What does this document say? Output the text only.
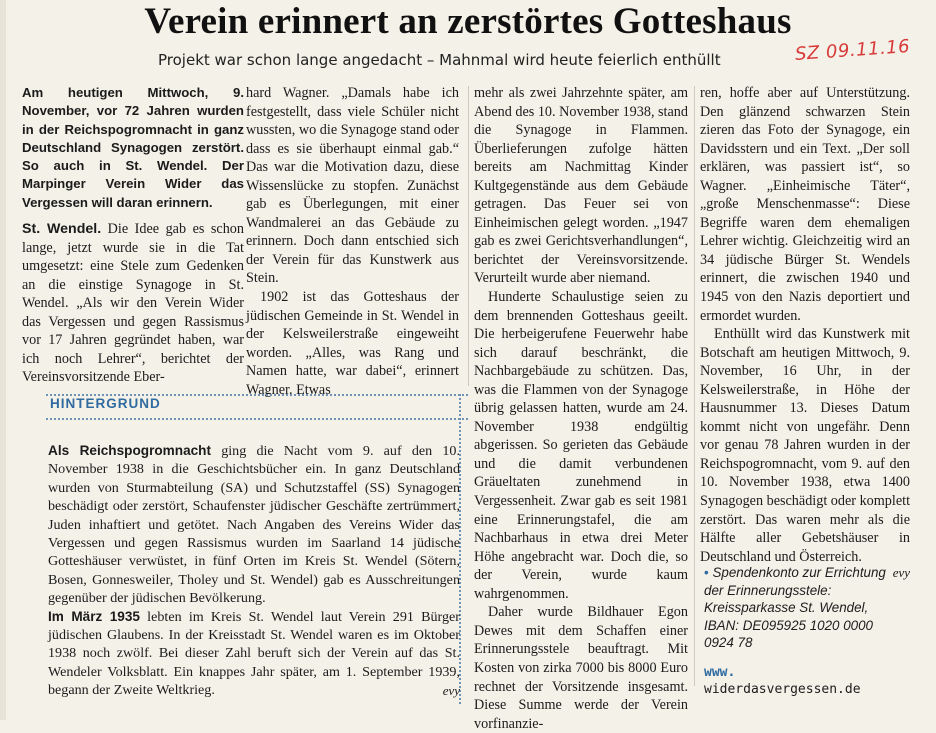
Verein erinnert an zerstörtes Gotteshaus
Projekt war schon lange angedacht – Mahnmal wird heute feierlich enthüllt	SZ 09.11.16

Am heutigen Mittwoch, 9. November, vor 72 Jahren wurden in der Reichspogromnacht in ganz Deutschland Synagogen zerstört. So auch in St. Wendel. Der Marpinger Verein Wider das Vergessen will daran erinnern.

St. Wendel. Die Idee gab es schon lange, jetzt wurde sie in die Tat umgesetzt: eine Stele zum Gedenken an die einstige Synagoge in St. Wendel. „Als wir den Verein Wider das Vergessen und gegen Rassismus vor 17 Jahren gegründet haben, war ich noch Lehrer“, berichtet der Vereinsvorsitzende Eber-

hard Wagner. „Damals habe ich festgestellt, dass viele Schüler nicht wussten, wo die Synagoge stand oder dass es sie überhaupt einmal gab.“ Das war die Motivation dazu, diese Wissenslücke zu stopfen. Zunächst gab es Überlegungen, mit einer Wandmalerei an das Gebäude zu erinnern. Doch dann entschied sich der Verein für das Kunstwerk aus Stein.

1902 ist das Gotteshaus der jüdischen Gemeinde in St. Wendel in der Kelsweilerstraße eingeweiht worden. „Alles, was Rang und Namen hatte, war dabei“, erinnert Wagner. Etwas

mehr als zwei Jahrzehnte später, am Abend des 10. November 1938, stand die Synagoge in Flammen. Überlieferungen zufolge hätten bereits am Nachmittag Kinder Kultgegenstände aus dem Gebäude getragen. Das Feuer sei von Einheimischen gelegt worden. „1947 gab es zwei Gerichtsverhandlungen“, berichtet der Vereinsvorsitzende. Verurteilt wurde aber niemand.

Hunderte Schaulustige seien zu dem brennenden Gotteshaus geeilt. Die herbeigerufene Feuerwehr habe sich darauf beschränkt, die Nachbargebäude zu schützen. Das, was die Flammen von der Synagoge übrig gelassen hatten, wurde am 24. November 1938 endgültig abgerissen. So gerieten das Gebäude und die damit verbundenen Gräueltaten zunehmend in Vergessenheit. Zwar gab es seit 1981 eine Erinnerungstafel, die am Nachbarhaus in etwa drei Meter Höhe angebracht war. Doch die, so der Verein, wurde kaum wahrgenommen.

Daher wurde Bildhauer Egon Dewes mit dem Schaffen einer Erinnerungsstele beauftragt. Mit Kosten von zirka 7000 bis 8000 Euro rechnet der Vorsitzende insgesamt. Diese Summe werde der Verein vorfinanzie-

ren, hoffe aber auf Unterstützung. Den glänzend schwarzen Stein zieren das Foto der Synagoge, ein Davidsstern und ein Text. „Der soll erklären, was passiert ist“, so Wagner. „Einheimische Täter“, „große Menschenmasse“: Diese Begriffe waren dem ehemaligen Lehrer wichtig. Gleichzeitig wird an 34 jüdische Bürger St. Wendels erinnert, die zwischen 1940 und 1945 von den Nazis deportiert und ermordet wurden.

Enthüllt wird das Kunstwerk mit Botschaft am heutigen Mittwoch, 9. November, 16 Uhr, in der Kelsweilerstraße, in Höhe der Hausnummer 13. Dieses Datum kommt nicht von ungefähr. Denn vor genau 78 Jahren wurden in der Reichspogromnacht, vom 9. auf den 10. November 1938, etwa 1400 Synagogen beschädigt oder komplett zerstört. Das waren mehr als die Hälfte aller Gebetshäuser in Deutschland und Österreich.

evy
HINTERGRUND

Als Reichspogromnacht ging die Nacht vom 9. auf den 10. November 1938 in die Geschichtsbücher ein. In ganz Deutschland wurden von Sturmabteilung (SA) und Schutzstaffel (SS) Synagogen beschädigt oder zerstört, Schaufenster jüdischer Geschäfte zertrümmert, Juden inhaftiert und getötet. Nach Angaben des Vereins Wider das Vergessen und gegen Rassismus wurden im Saarland 14 jüdische Gotteshäuser verwüstet, in fünf Orten im Kreis St. Wendel (Sötern, Bosen, Gonnesweiler, Tholey und St. Wendel) gab es Ausschreitungen gegenüber der jüdischen Bevölkerung.

Im März 1935 lebten im Kreis St. Wendel laut Verein 291 Bürger jüdischen Glaubens. In der Kreisstadt St. Wendel waren es im Oktober 1938 noch zwölf. Bei dieser Zahl beruft sich der Verein auf das St. Wendeler Volksblatt. Ein knappes Jahr später, am 1. September 1939, begann der Zweite Weltkrieg.	evy
• Spendenkonto zur Errichtung der Erinnerungsstele: Kreissparkasse St. Wendel, IBAN: DE095925 1020 0000 0924 78
www.
widerdasvergessen.de
